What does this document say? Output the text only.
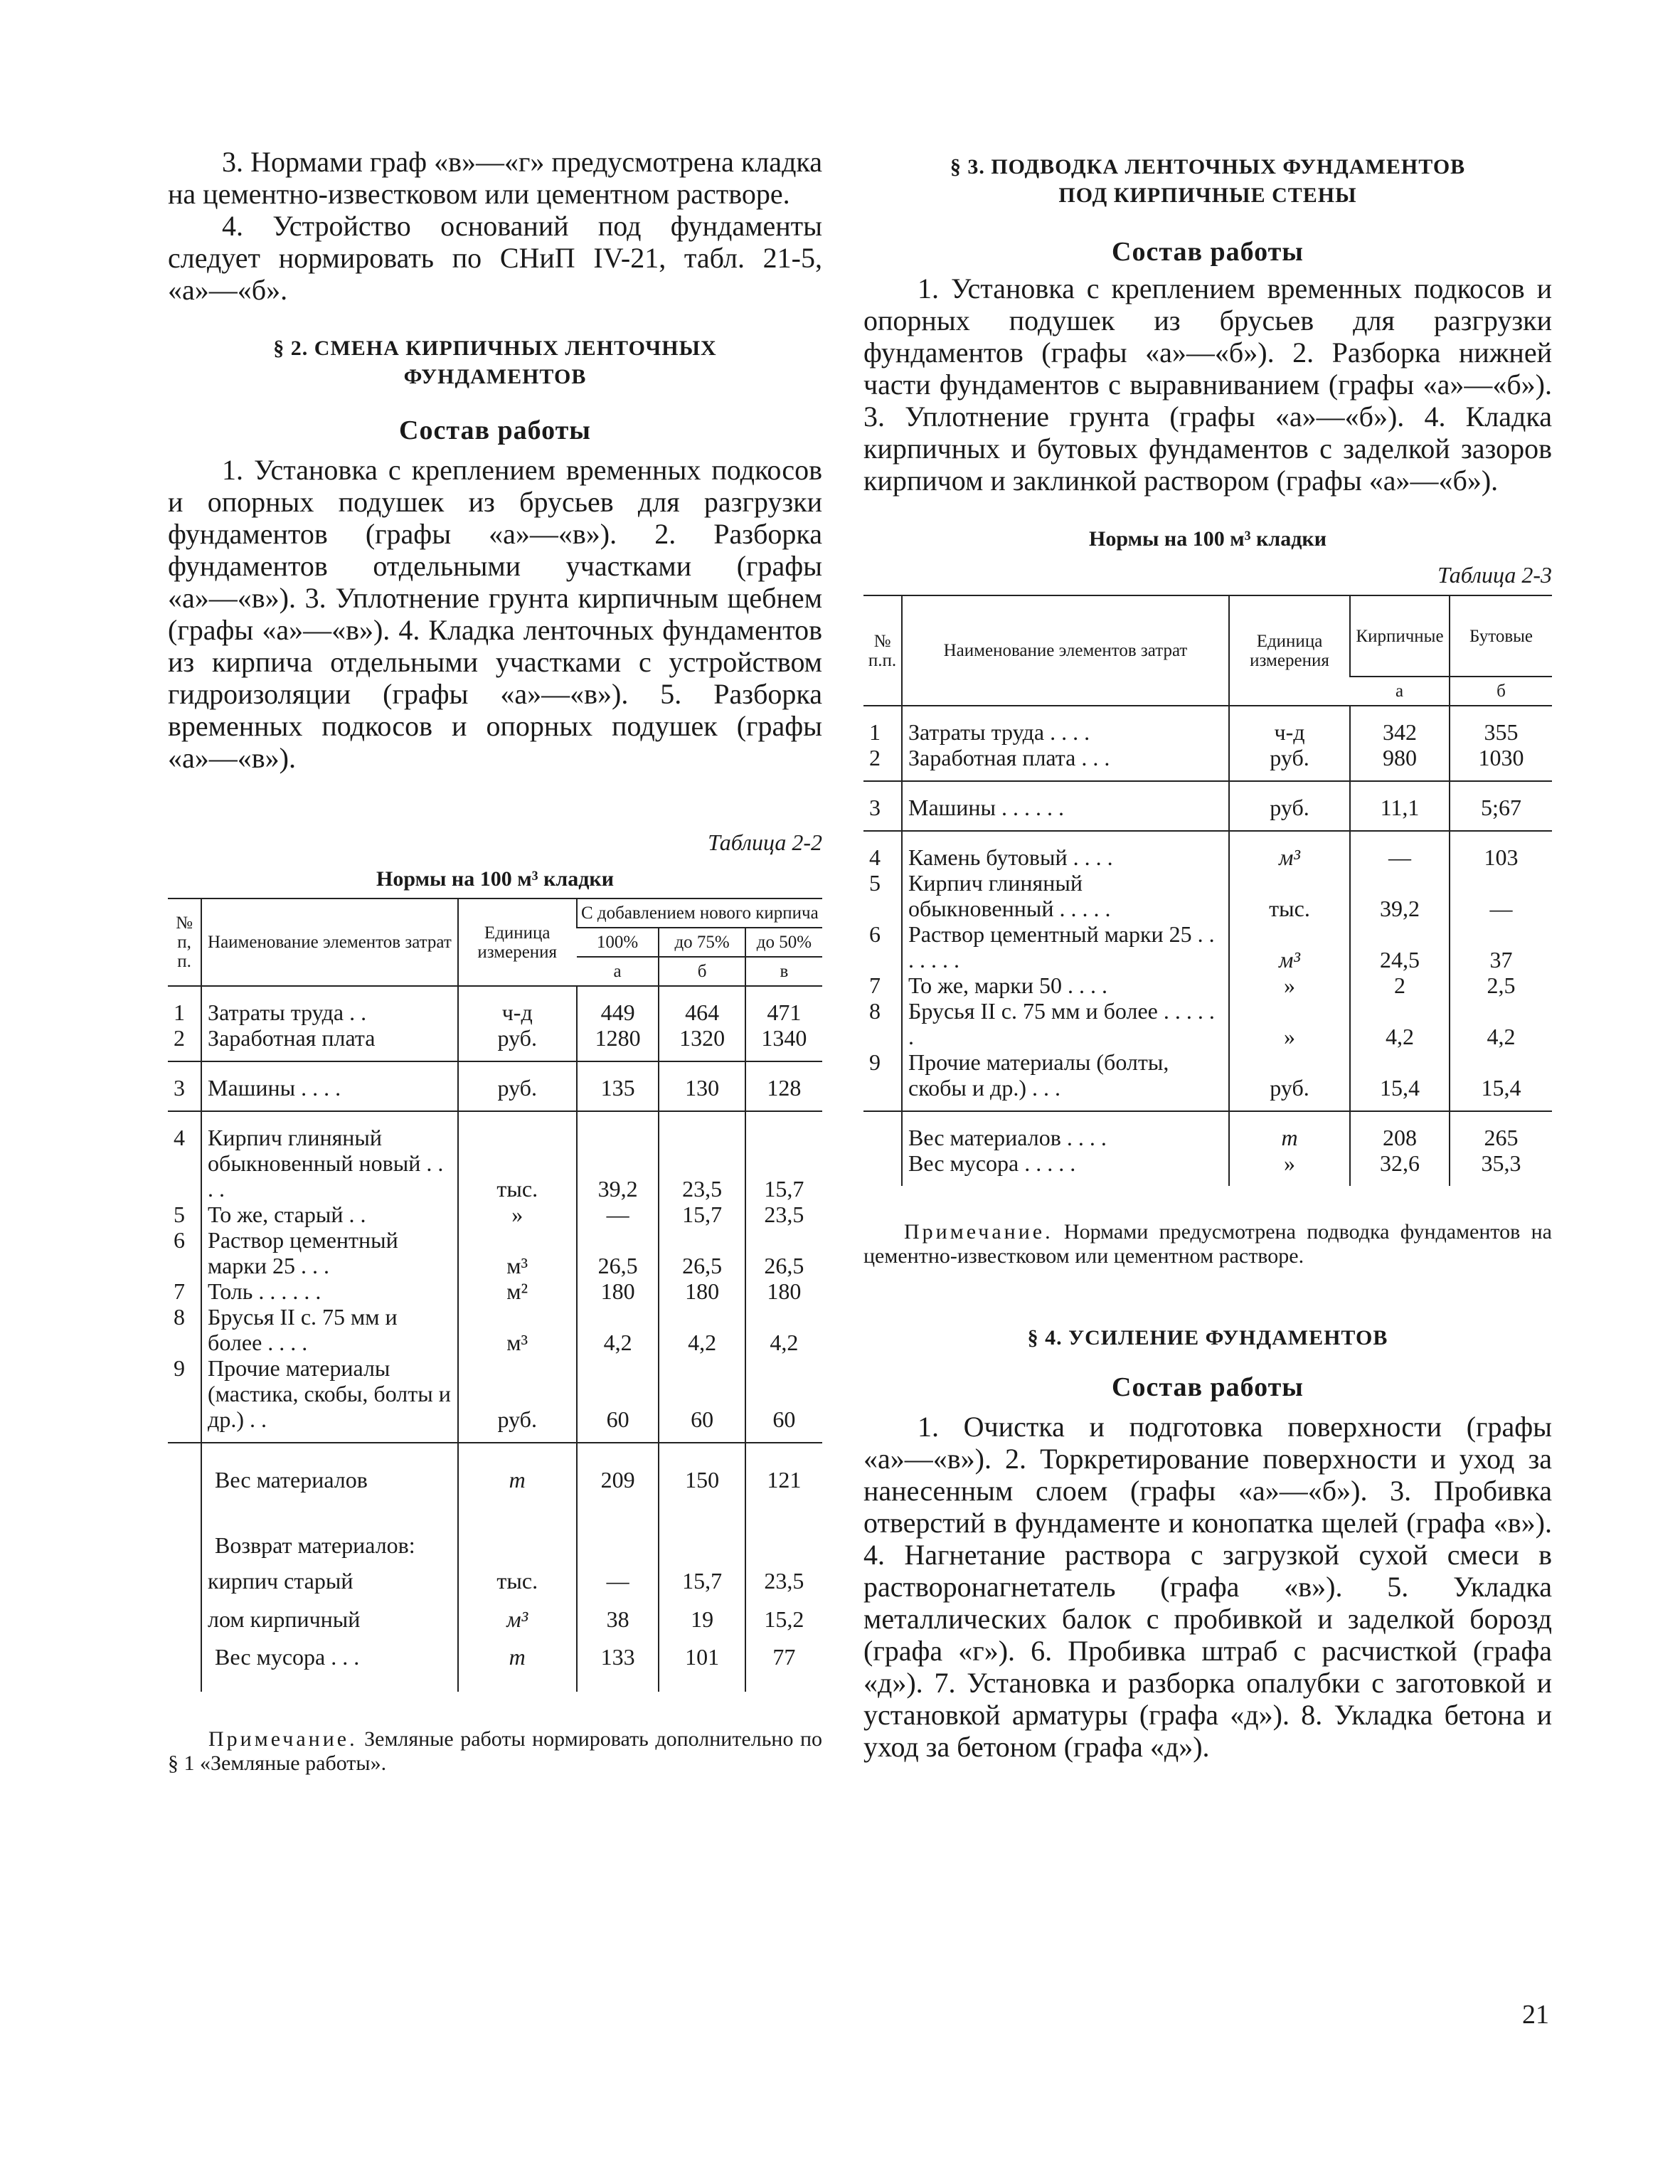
3. Нормами граф «в»—«г» предусмотрена кладка на цементно-известковом или цементном растворе.

4. Устройство оснований под фундаменты следует нормировать по СНиП IV-21, табл. 21-5, «а»—«б».

§ 2. СМЕНА КИРПИЧНЫХ ЛЕНТОЧНЫХ
ФУНДАМЕНТОВ
Состав работы

1. Установка с креплением временных подкосов и опорных подушек из брусьев для разгрузки фундаментов (графы «а»—«в»). 2. Разборка фундаментов отдельными участками (графы «а»—«в»). 3. Уплотнение грунта кирпичным щебнем (графы «а»—«в»). 4. Кладка ленточных фундаментов из кирпича отдельными участками с устройством гидроизоляции (графы «а»—«в»). 5. Разборка временных подкосов и опорных подушек (графы «а»—«в»).

Таблица 2-2
Нормы на 100 м³ кладки
№ п, п.	Наименование элементов затрат	Единица измерения	С добавлением нового кирпича		
			100%	до 75%	до 50%
			а	б	в
1	Затраты труда . .	ч-д	449	464	471
2	Заработная плата	руб.	1280	1320	1340
3	Машины . . . .	руб.	135	130	128
4	Кирпич глиняный обыкновенный новый . . . .	тыс.	39,2	23,5	15,7
5	То же, старый . .	»	—	15,7	23,5
6	Раствор цементный марки 25 . . .	м³	26,5	26,5	26,5
7	Толь . . . . . .	м²	180	180	180
8	Брусья II с. 75 мм и более . . . .	м³	4,2	4,2	4,2
9	Прочие материалы (мастика, скобы, болты и др.) . .	руб.	60	60	60
	Вес материалов	т	209	150	121
	Возврат материалов:				
	кирпич старый	тыс.	—	15,7	23,5
	лом кирпичный	м³	38	19	15,2
	Вес мусора . . .	т	133	101	77

Примечание. Земляные работы нормировать дополнительно по § 1 «Земляные работы».

§ 3. ПОДВОДКА ЛЕНТОЧНЫХ ФУНДАМЕНТОВ
ПОД КИРПИЧНЫЕ СТЕНЫ
Состав работы

1. Установка с креплением временных подкосов и опорных подушек из брусьев для разгрузки фундаментов (графы «а»—«б»). 2. Разборка нижней части фундаментов с выравниванием (графы «а»—«б»). 3. Уплотнение грунта (графы «а»—«б»). 4. Кладка кирпичных и бутовых фундаментов с заделкой зазоров кирпичом и заклинкой раствором (графы «а»—«б»).

Нормы на 100 м³ кладки
Таблица 2-3
№ п.п.	Наименование элементов затрат	Единица измерения	Кирпичные	Бутовые
			а	б
1	Затраты труда . . . .	ч-д	342	355
2	Заработная плата . . .	руб.	980	1030
3	Машины . . . . . .	руб.	11,1	5;67
4	Камень бутовый . . . .	м³	—	103
5	Кирпич глиняный обыкновенный . . . . .	тыс.	39,2	—
6	Раствор цементный марки 25 . . . . . . .	м³	24,5	37
7	То же, марки 50 . . . .	»	2	2,5
8	Брусья II с. 75 мм и более . . . . . .	»	4,2	4,2
9	Прочие материалы (болты, скобы и др.) . . .	руб.	15,4	15,4
	Вес материалов . . . .	т	208	265
	Вес мусора . . . . .	»	32,6	35,3

Примечание. Нормами предусмотрена подводка фундаментов на цементно-известковом или цементном растворе.

§ 4. УСИЛЕНИЕ ФУНДАМЕНТОВ
Состав работы

1. Очистка и подготовка поверхности (графы «а»—«в»). 2. Торкретирование поверхности и уход за нанесенным слоем (графы «а»—«б»). 3. Пробивка отверстий в фундаменте и конопатка щелей (графа «в»). 4. Нагнетание раствора с загрузкой сухой смеси в растворонагнетатель (графа «в»). 5. Укладка металлических балок с пробивкой и заделкой борозд (графа «г»). 6. Пробивка штраб с расчисткой (графа «д»). 7. Установка и разборка опалубки с заготовкой и установкой арматуры (графа «д»). 8. Укладка бетона и уход за бетоном (графа «д»).

21
